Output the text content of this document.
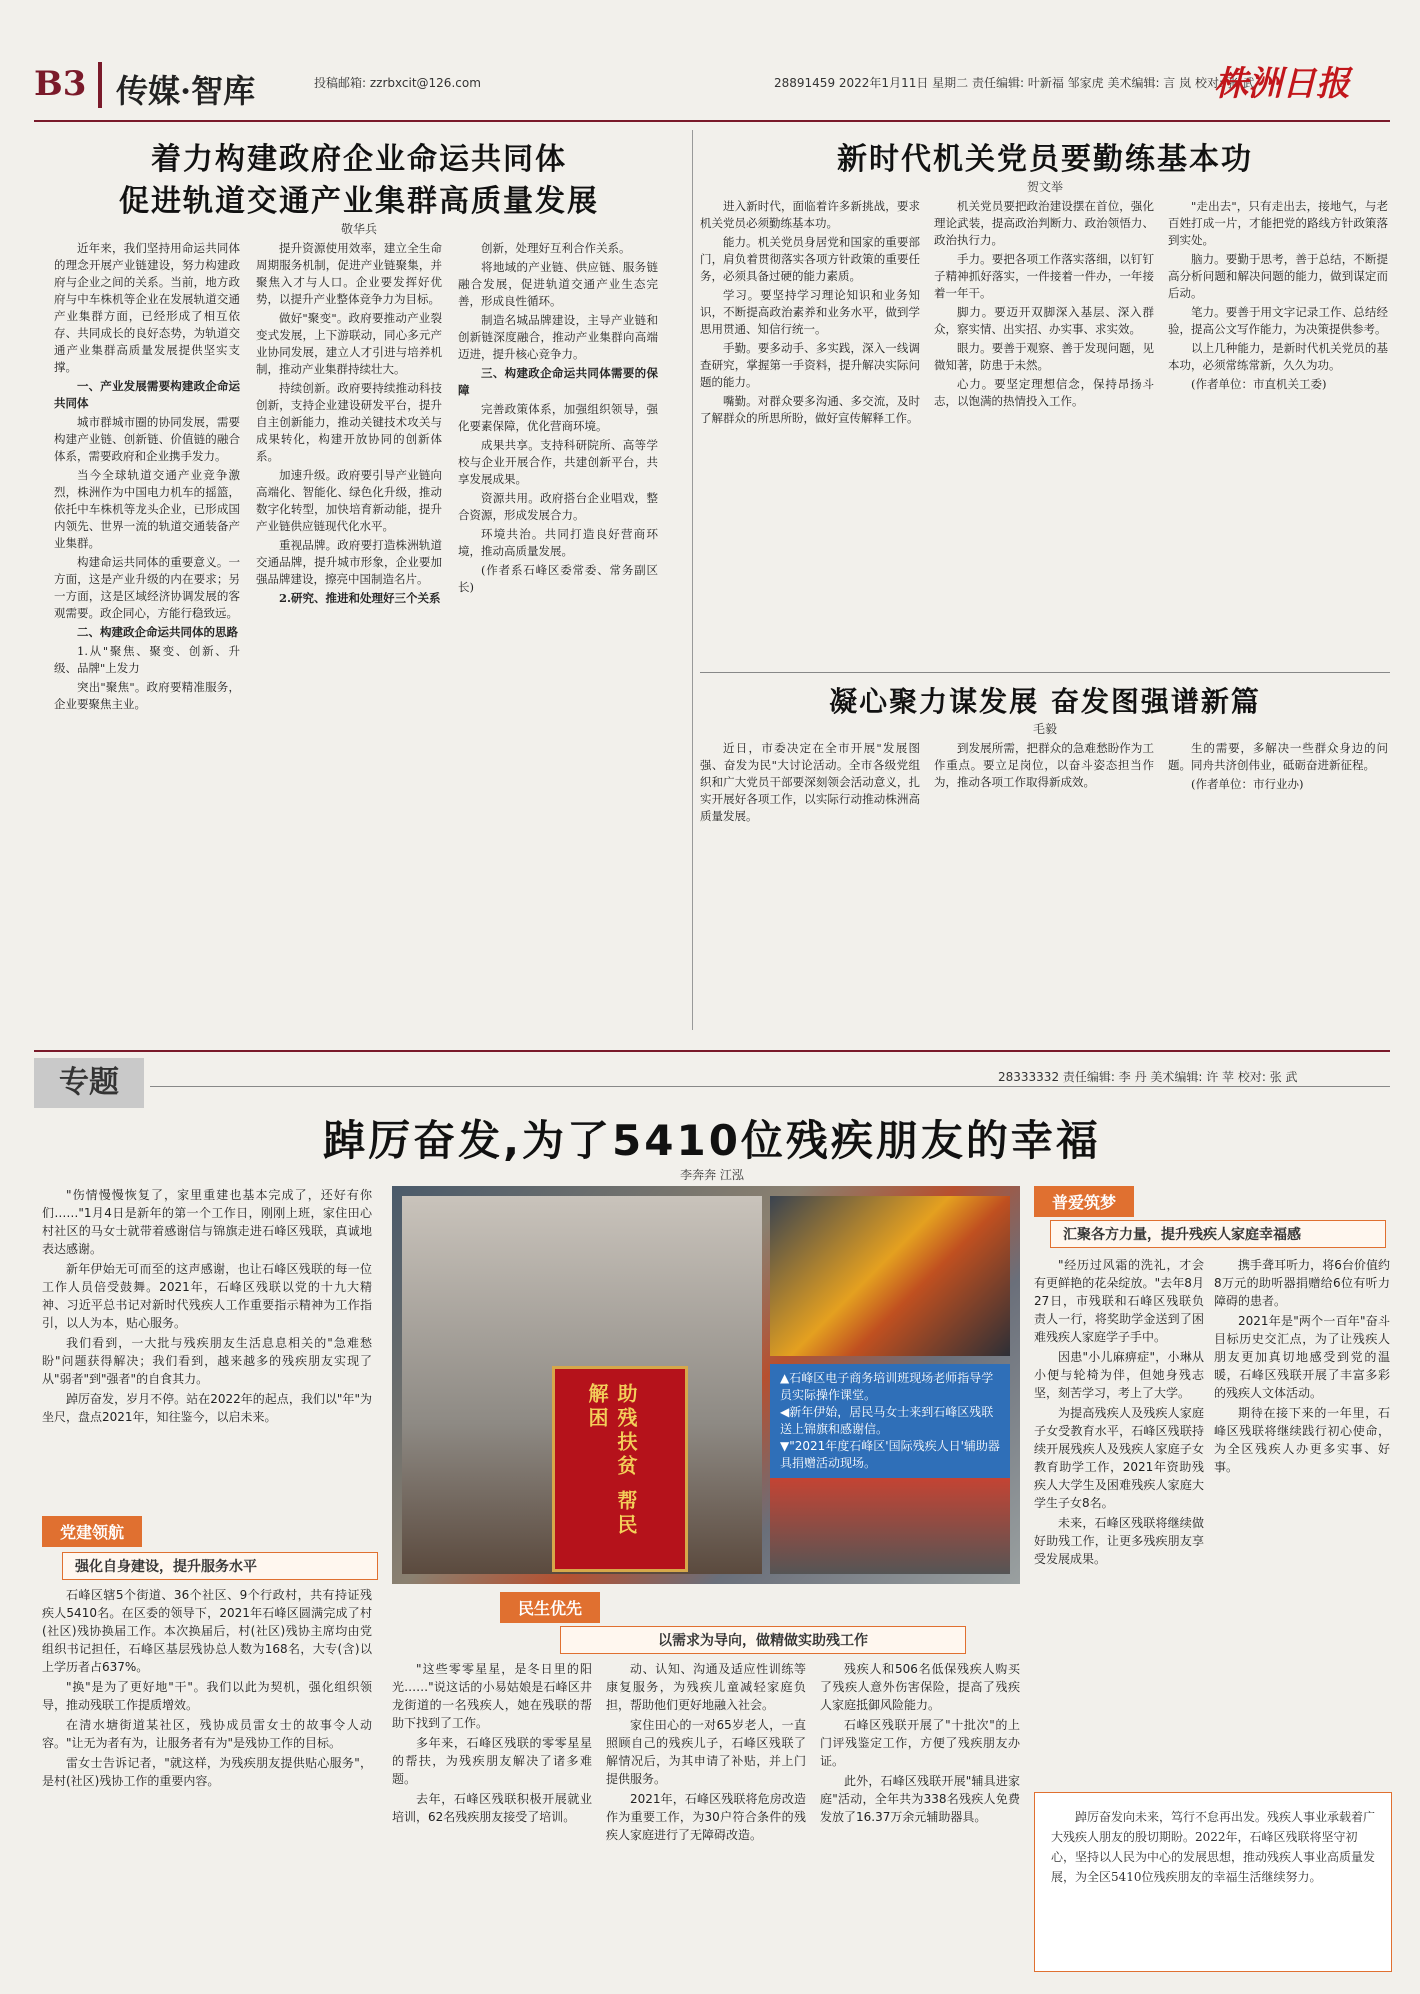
B3 传媒·智库	投稿邮箱: zzrbxcit@126.com	28891459 2022年1月11日 星期二 责任编辑: 叶新福 邹家虎 美术编辑: 言 岚 校对: 张 武
株洲日报
着力构建政府企业命运共同体
促进轨道交通产业集群高质量发展
敬华兵

近年来，我们坚持用命运共同体的理念开展产业链建设，努力构建政府与企业之间的关系。当前，地方政府与中车株机等企业在发展轨道交通产业集群方面，已经形成了相互依存、共同成长的良好态势，为轨道交通产业集群高质量发展提供坚实支撑。

一、产业发展需要构建政企命运共同体

城市群城市圈的协同发展，需要构建产业链、创新链、价值链的融合体系，需要政府和企业携手发力。

当今全球轨道交通产业竞争激烈，株洲作为中国电力机车的摇篮，依托中车株机等龙头企业，已形成国内领先、世界一流的轨道交通装备产业集群。

构建命运共同体的重要意义。一方面，这是产业升级的内在要求；另一方面，这是区域经济协调发展的客观需要。政企同心，方能行稳致远。

二、构建政企命运共同体的思路

1.从"聚焦、聚变、创新、升级、品牌"上发力

突出"聚焦"。政府要精准服务，企业要聚焦主业。

提升资源使用效率，建立全生命周期服务机制，促进产业链聚集，并聚焦入才与人口。企业要发挥好优势，以提升产业整体竞争力为目标。

做好"聚变"。政府要推动产业裂变式发展，上下游联动，同心多元产业协同发展，建立人才引进与培养机制，推动产业集群持续壮大。

持续创新。政府要持续推动科技创新，支持企业建设研发平台，提升自主创新能力，推动关键技术攻关与成果转化，构建开放协同的创新体系。

加速升级。政府要引导产业链向高端化、智能化、绿色化升级，推动数字化转型，加快培育新动能，提升产业链供应链现代化水平。

重视品牌。政府要打造株洲轨道交通品牌，提升城市形象，企业要加强品牌建设，擦亮中国制造名片。

2.研究、推进和处理好三个关系

创新，处理好互利合作关系。

将地域的产业链、供应链、服务链融合发展，促进轨道交通产业生态完善，形成良性循环。

制造名城品牌建设，主导产业链和创新链深度融合，推动产业集群向高端迈进，提升核心竞争力。

三、构建政企命运共同体需要的保障

完善政策体系，加强组织领导，强化要素保障，优化营商环境。

成果共享。支持科研院所、高等学校与企业开展合作，共建创新平台，共享发展成果。

资源共用。政府搭台企业唱戏，整合资源，形成发展合力。

环境共治。共同打造良好营商环境，推动高质量发展。

(作者系石峰区委常委、常务副区长)

新时代机关党员要勤练基本功
贺文举

进入新时代，面临着许多新挑战，要求机关党员必须勤练基本功。

能力。机关党员身居党和国家的重要部门，肩负着贯彻落实各项方针政策的重要任务，必须具备过硬的能力素质。

学习。要坚持学习理论知识和业务知识，不断提高政治素养和业务水平，做到学思用贯通、知信行统一。

手勤。要多动手、多实践，深入一线调查研究，掌握第一手资料，提升解决实际问题的能力。

嘴勤。对群众要多沟通、多交流，及时了解群众的所思所盼，做好宣传解释工作。

机关党员要把政治建设摆在首位，强化理论武装，提高政治判断力、政治领悟力、政治执行力。

手力。要把各项工作落实落细，以钉钉子精神抓好落实，一件接着一件办，一年接着一年干。

脚力。要迈开双脚深入基层、深入群众，察实情、出实招、办实事、求实效。

眼力。要善于观察、善于发现问题，见微知著，防患于未然。

心力。要坚定理想信念，保持昂扬斗志，以饱满的热情投入工作。

"走出去"，只有走出去，接地气，与老百姓打成一片，才能把党的路线方针政策落到实处。

脑力。要勤于思考，善于总结，不断提高分析问题和解决问题的能力，做到谋定而后动。

笔力。要善于用文字记录工作、总结经验，提高公文写作能力，为决策提供参考。

以上几种能力，是新时代机关党员的基本功，必须常练常新，久久为功。

(作者单位：市直机关工委)

凝心聚力谋发展 奋发图强谱新篇
毛毅

近日，市委决定在全市开展"发展图强、奋发为民"大讨论活动。全市各级党组织和广大党员干部要深刻领会活动意义，扎实开展好各项工作，以实际行动推动株洲高质量发展。

到发展所需，把群众的急难愁盼作为工作重点。要立足岗位，以奋斗姿态担当作为，推动各项工作取得新成效。

生的需要，多解决一些群众身边的问题。同舟共济创伟业，砥砺奋进新征程。

(作者单位：市行业办)

专题	28333332 责任编辑: 李 丹 美术编辑: 许 苹 校对: 张 武
踔厉奋发,为了5410位残疾朋友的幸福
李奔奔 江泓

"伤情慢慢恢复了，家里重建也基本完成了，还好有你们……"1月4日是新年的第一个工作日，刚刚上班，家住田心村社区的马女士就带着感谢信与锦旗走进石峰区残联，真诚地表达感谢。

新年伊始无可而至的这声感谢，也让石峰区残联的每一位工作人员倍受鼓舞。2021年，石峰区残联以党的十九大精神、习近平总书记对新时代残疾人工作重要指示精神为工作指引，以人为本，贴心服务。

我们看到，一大批与残疾朋友生活息息相关的"急难愁盼"问题获得解决；我们看到，越来越多的残疾朋友实现了从"弱者"到"强者"的自食其力。

踔厉奋发，岁月不停。站在2022年的起点，我们以"年"为坐尺，盘点2021年，知往鉴今，以启未来。

党建领航
强化自身建设，提升服务水平

石峰区辖5个街道、36个社区、9个行政村，共有持证残疾人5410名。在区委的领导下，2021年石峰区圆满完成了村(社区)残协换届工作。本次换届后，村(社区)残协主席均由党组织书记担任，石峰区基层残协总人数为168名，大专(含)以上学历者占637%。

"换"是为了更好地"干"。我们以此为契机，强化组织领导，推动残联工作提质增效。

在清水塘街道某社区，残协成员雷女士的故事令人动容。"让无为者有为，让服务者有为"是残协工作的目标。

雷女士告诉记者，"就这样，为残疾朋友提供贴心服务"，是村(社区)残协工作的重要内容。

助残扶贫 帮民解困
▲石峰区电子商务培训班现场老师指导学员实际操作课堂。
◀新年伊始，居民马女士来到石峰区残联送上锦旗和感谢信。
▼"2021年度石峰区'国际残疾人日'辅助器具捐赠活动现场。
民生优先
以需求为导向，做精做实助残工作

"这些零零星星，是冬日里的阳光……"说这话的小易姑娘是石峰区井龙街道的一名残疾人，她在残联的帮助下找到了工作。

多年来，石峰区残联的零零星星的帮扶，为残疾朋友解决了诸多难题。

去年，石峰区残联积极开展就业培训，62名残疾朋友接受了培训。

动、认知、沟通及适应性训练等康复服务，为残疾儿童减轻家庭负担，帮助他们更好地融入社会。

家住田心的一对65岁老人，一直照顾自己的残疾儿子，石峰区残联了解情况后，为其申请了补贴，并上门提供服务。

2021年，石峰区残联将危房改造作为重要工作，为30户符合条件的残疾人家庭进行了无障碍改造。

残疾人和506名低保残疾人购买了残疾人意外伤害保险，提高了残疾人家庭抵御风险能力。

石峰区残联开展了"十批次"的上门评残鉴定工作，方便了残疾朋友办证。

此外，石峰区残联开展"辅具进家庭"活动，全年共为338名残疾人免费发放了16.37万余元辅助器具。

普爱筑梦
汇聚各方力量，提升残疾人家庭幸福感

"经历过风霜的洗礼，才会有更鲜艳的花朵绽放。"去年8月27日，市残联和石峰区残联负责人一行，将奖助学金送到了困难残疾人家庭学子手中。

因患"小儿麻痹症"，小琳从小便与轮椅为伴，但她身残志坚，刻苦学习，考上了大学。

为提高残疾人及残疾人家庭子女受教育水平，石峰区残联持续开展残疾人及残疾人家庭子女教育助学工作，2021年资助残疾人大学生及困难残疾人家庭大学生子女8名。

未来，石峰区残联将继续做好助残工作，让更多残疾朋友享受发展成果。

携手聋耳听力，将6台价值约8万元的助听器捐赠给6位有听力障碍的患者。

2021年是"两个一百年"奋斗目标历史交汇点，为了让残疾人朋友更加真切地感受到党的温暖，石峰区残联开展了丰富多彩的残疾人文体活动。

期待在接下来的一年里，石峰区残联将继续践行初心使命，为全区残疾人办更多实事、好事。

踔厉奋发向未来，笃行不怠再出发。残疾人事业承载着广大残疾人朋友的殷切期盼。2022年，石峰区残联将坚守初心，坚持以人民为中心的发展思想，推动残疾人事业高质量发展，为全区5410位残疾朋友的幸福生活继续努力。
